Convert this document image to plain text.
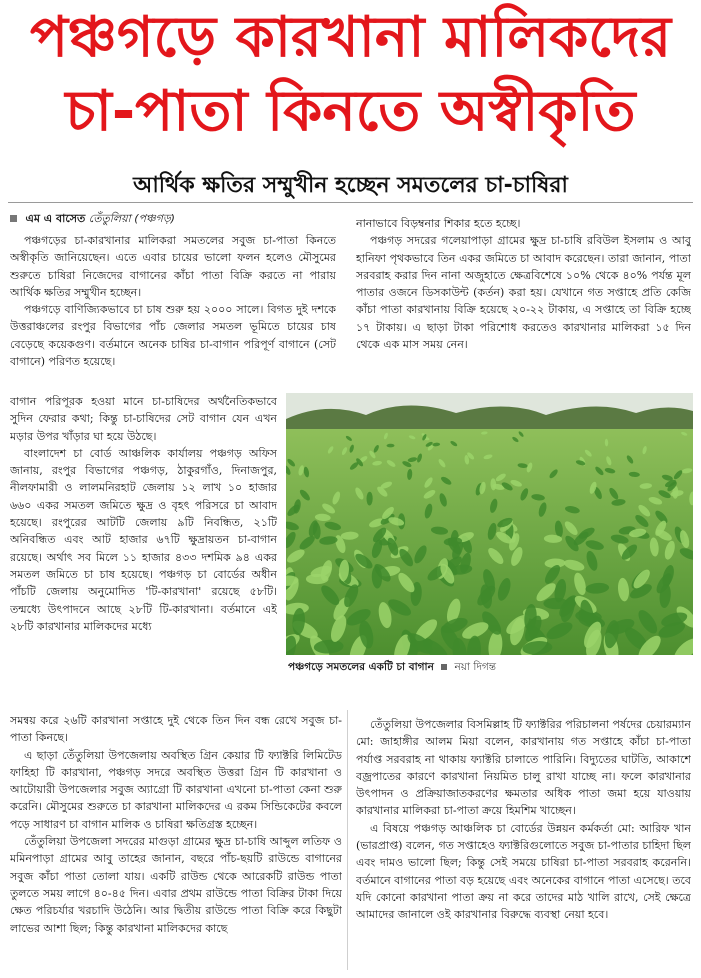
পঞ্চগড়ে কারখানা মালিকদের
চা-পাতা কিনতে অস্বীকৃতি
আর্থিক ক্ষতির সম্মুখীন হচ্ছেন সমতলের চা-চাষিরা
এম এ বাসেত তেঁতুলিয়া (পঞ্চগড়)

পঞ্চগড়ের চা-কারখানার মালিকরা সমতলের সবুজ চা-পাতা কিনতে অস্বীকৃতি জানিয়েছেন। এতে এবার চায়ের ভালো ফলন হলেও মৌসুমের শুরুতে চাষিরা নিজেদের বাগানের কাঁচা পাতা বিক্রি করতে না পারায় আর্থিক ক্ষতির সম্মুখীন হচ্ছেন।

পঞ্চগড়ে বাণিজ্যিকভাবে চা চাষ শুরু হয় ২০০০ সালে। বিগত দুই দশকে উত্তরাঞ্চলের রংপুর বিভাগের পাঁচ জেলার সমতল ভূমিতে চায়ের চাষ বেড়েছে কয়েকগুণ। বর্তমানে অনেক চাষির চা-বাগান পরিপূর্ণ বাগানে (সেট বাগানে) পরিণত হয়েছে।

নানাভাবে বিড়ম্বনার শিকার হতে হচ্ছে।

পঞ্চগড় সদরের গলেয়াপাড়া গ্রামের ক্ষুদ্র চা-চাষি রবিউল ইসলাম ও আবু হানিফা পৃথকভাবে তিন একর জমিতে চা আবাদ করেছেন। তারা জানান, পাতা সরবরাহ করার দিন নানা অজুহাতে ক্ষেত্রবিশেষে ১০% থেকে ৪০% পর্যন্ত মূল পাতার ওজনে ডিসকাউন্ট (কর্তন) করা হয়। যেখানে গত সপ্তাহে প্রতি কেজি কাঁচা পাতা কারখানায় বিক্রি হয়েছে ২০-২২ টাকায়, এ সপ্তাহে তা বিক্রি হচ্ছে ১৭ টাকায়। এ ছাড়া টাকা পরিশোধ করতেও কারখানার মালিকরা ১৫ দিন থেকে এক মাস সময় নেন।

বাগান পরিপূরক হওয়া মানে চা-চাষিদের অর্থনৈতিকভাবে সুদিন ফেরার কথা; কিন্তু চা-চাষিদের সেট বাগান যেন এখন মড়ার উপর খাঁড়ার ঘা হয়ে উঠছে।

বাংলাদেশ চা বোর্ড আঞ্চলিক কার্যালয় পঞ্চগড় অফিস জানায়, রংপুর বিভাগের পঞ্চগড়, ঠাকুরগাঁও, দিনাজপুর, নীলফামারী ও লালমনিরহাট জেলায় ১২ লাখ ১০ হাজার ৬৬০ একর সমতল জমিতে ক্ষুদ্র ও বৃহৎ পরিসরে চা আবাদ হয়েছে। রংপুরের আটটি জেলায় ৯টি নিবন্ধিত, ২১টি অনিবন্ধিত এবং আট হাজার ৬৭টি ক্ষুদ্রায়তন চা-বাগান রয়েছে। অর্থাৎ সব মিলে ১১ হাজার ৪৩৩ দশমিক ৯৪ একর সমতল জমিতে চা চাষ হয়েছে। পঞ্চগড় চা বোর্ডের অধীন পাঁচটি জেলায় অনুমোদিত 'টি-কারখানা' রয়েছে ৫৮টি। তন্মধ্যে উৎপাদনে আছে ২৮টি টি-কারখানা। বর্তমানে এই ২৮টি কারখানার মালিকদের মধ্যে

পঞ্চগড়ে সমতলের একটি চা বাগান নয়া দিগন্ত

সমন্বয় করে ২৬টি কারখানা সপ্তাহে দুই থেকে তিন দিন বন্ধ রেখে সবুজ চা-পাতা কিনছে।

এ ছাড়া তেঁতুলিয়া উপজেলায় অবস্থিত গ্রিন কেয়ার টি ফ্যাক্টরি লিমিটেড ফাহিহা টি কারখানা, পঞ্চগড় সদরে অবস্থিত উত্তরা গ্রিন টি কারখানা ও আটোয়ারী উপজেলার সবুজ অ্যাগ্রো টি কারখানা এখনো চা-পাতা কেনা শুরু করেনি। মৌসুমের শুরুতে চা কারখানা মালিকদের এ রকম সিন্ডিকেটের কবলে পড়ে সাধারণ চা বাগান মালিক ও চাষিরা ক্ষতিগ্রস্ত হচ্ছেন।

তেঁতুলিয়া উপজেলা সদরের মাগুড়া গ্রামের ক্ষুদ্র চা-চাষি আব্দুল লতিফ ও মমিনপাড়া গ্রামের আবু তাহের জানান, বছরে পাঁচ-ছয়টি রাউন্ডে বাগানের সবুজ কাঁচা পাতা তোলা যায়। একটি রাউন্ড থেকে আরেকটি রাউন্ড পাতা তুলতে সময় লাগে ৪০-৪৫ দিন। এবার প্রথম রাউন্ডে পাতা বিক্রির টাকা দিয়ে ক্ষেত পরিচর্যার খরচাদি উঠেনি। আর দ্বিতীয় রাউন্ডে পাতা বিক্রি করে কিছুটা লাভের আশা ছিল; কিন্তু কারখানা মালিকদের কাছে

তেঁতুলিয়া উপজেলার বিসমিল্লাহ টি ফ্যাক্টরির পরিচালনা পর্ষদের চেয়ারম্যান মো: জাহাঙ্গীর আলম মিয়া বলেন, কারখানায় গত সপ্তাহে কাঁচা চা-পাতা পর্যাপ্ত সরবরাহ না থাকায় ফ্যাক্টরি চালাতে পারিনি। বিদ্যুতের ঘাটতি, আকাশে বজ্রপাতের কারণে কারখানা নিয়মিত চালু রাখা যাচ্ছে না। ফলে কারখানার উৎপাদন ও প্রক্রিয়াজাতকরণের ক্ষমতার অধিক পাতা জমা হয়ে যাওয়ায় কারখানার মালিকরা চা-পাতা ক্রয়ে হিমশিম খাচ্ছেন।

এ বিষয়ে পঞ্চগড় আঞ্চলিক চা বোর্ডের উন্নয়ন কর্মকর্তা মো: আরিফ খান (ভারপ্রাপ্ত) বলেন, গত সপ্তাহেও ফ্যাক্টরিগুলোতে সবুজ চা-পাতার চাহিদা ছিল এবং দামও ভালো ছিল; কিন্তু সেই সময়ে চাষিরা চা-পাতা সরবরাহ করেননি। বর্তমানে বাগানের পাতা বড় হয়েছে এবং অনেকের বাগানে পাতা এসেছে। তবে যদি কোনো কারখানা পাতা ক্রয় না করে তাদের মাঠ খালি রাখে, সেই ক্ষেত্রে আমাদের জানালে ওই কারখানার বিরুদ্ধে ব্যবস্থা নেয়া হবে।
